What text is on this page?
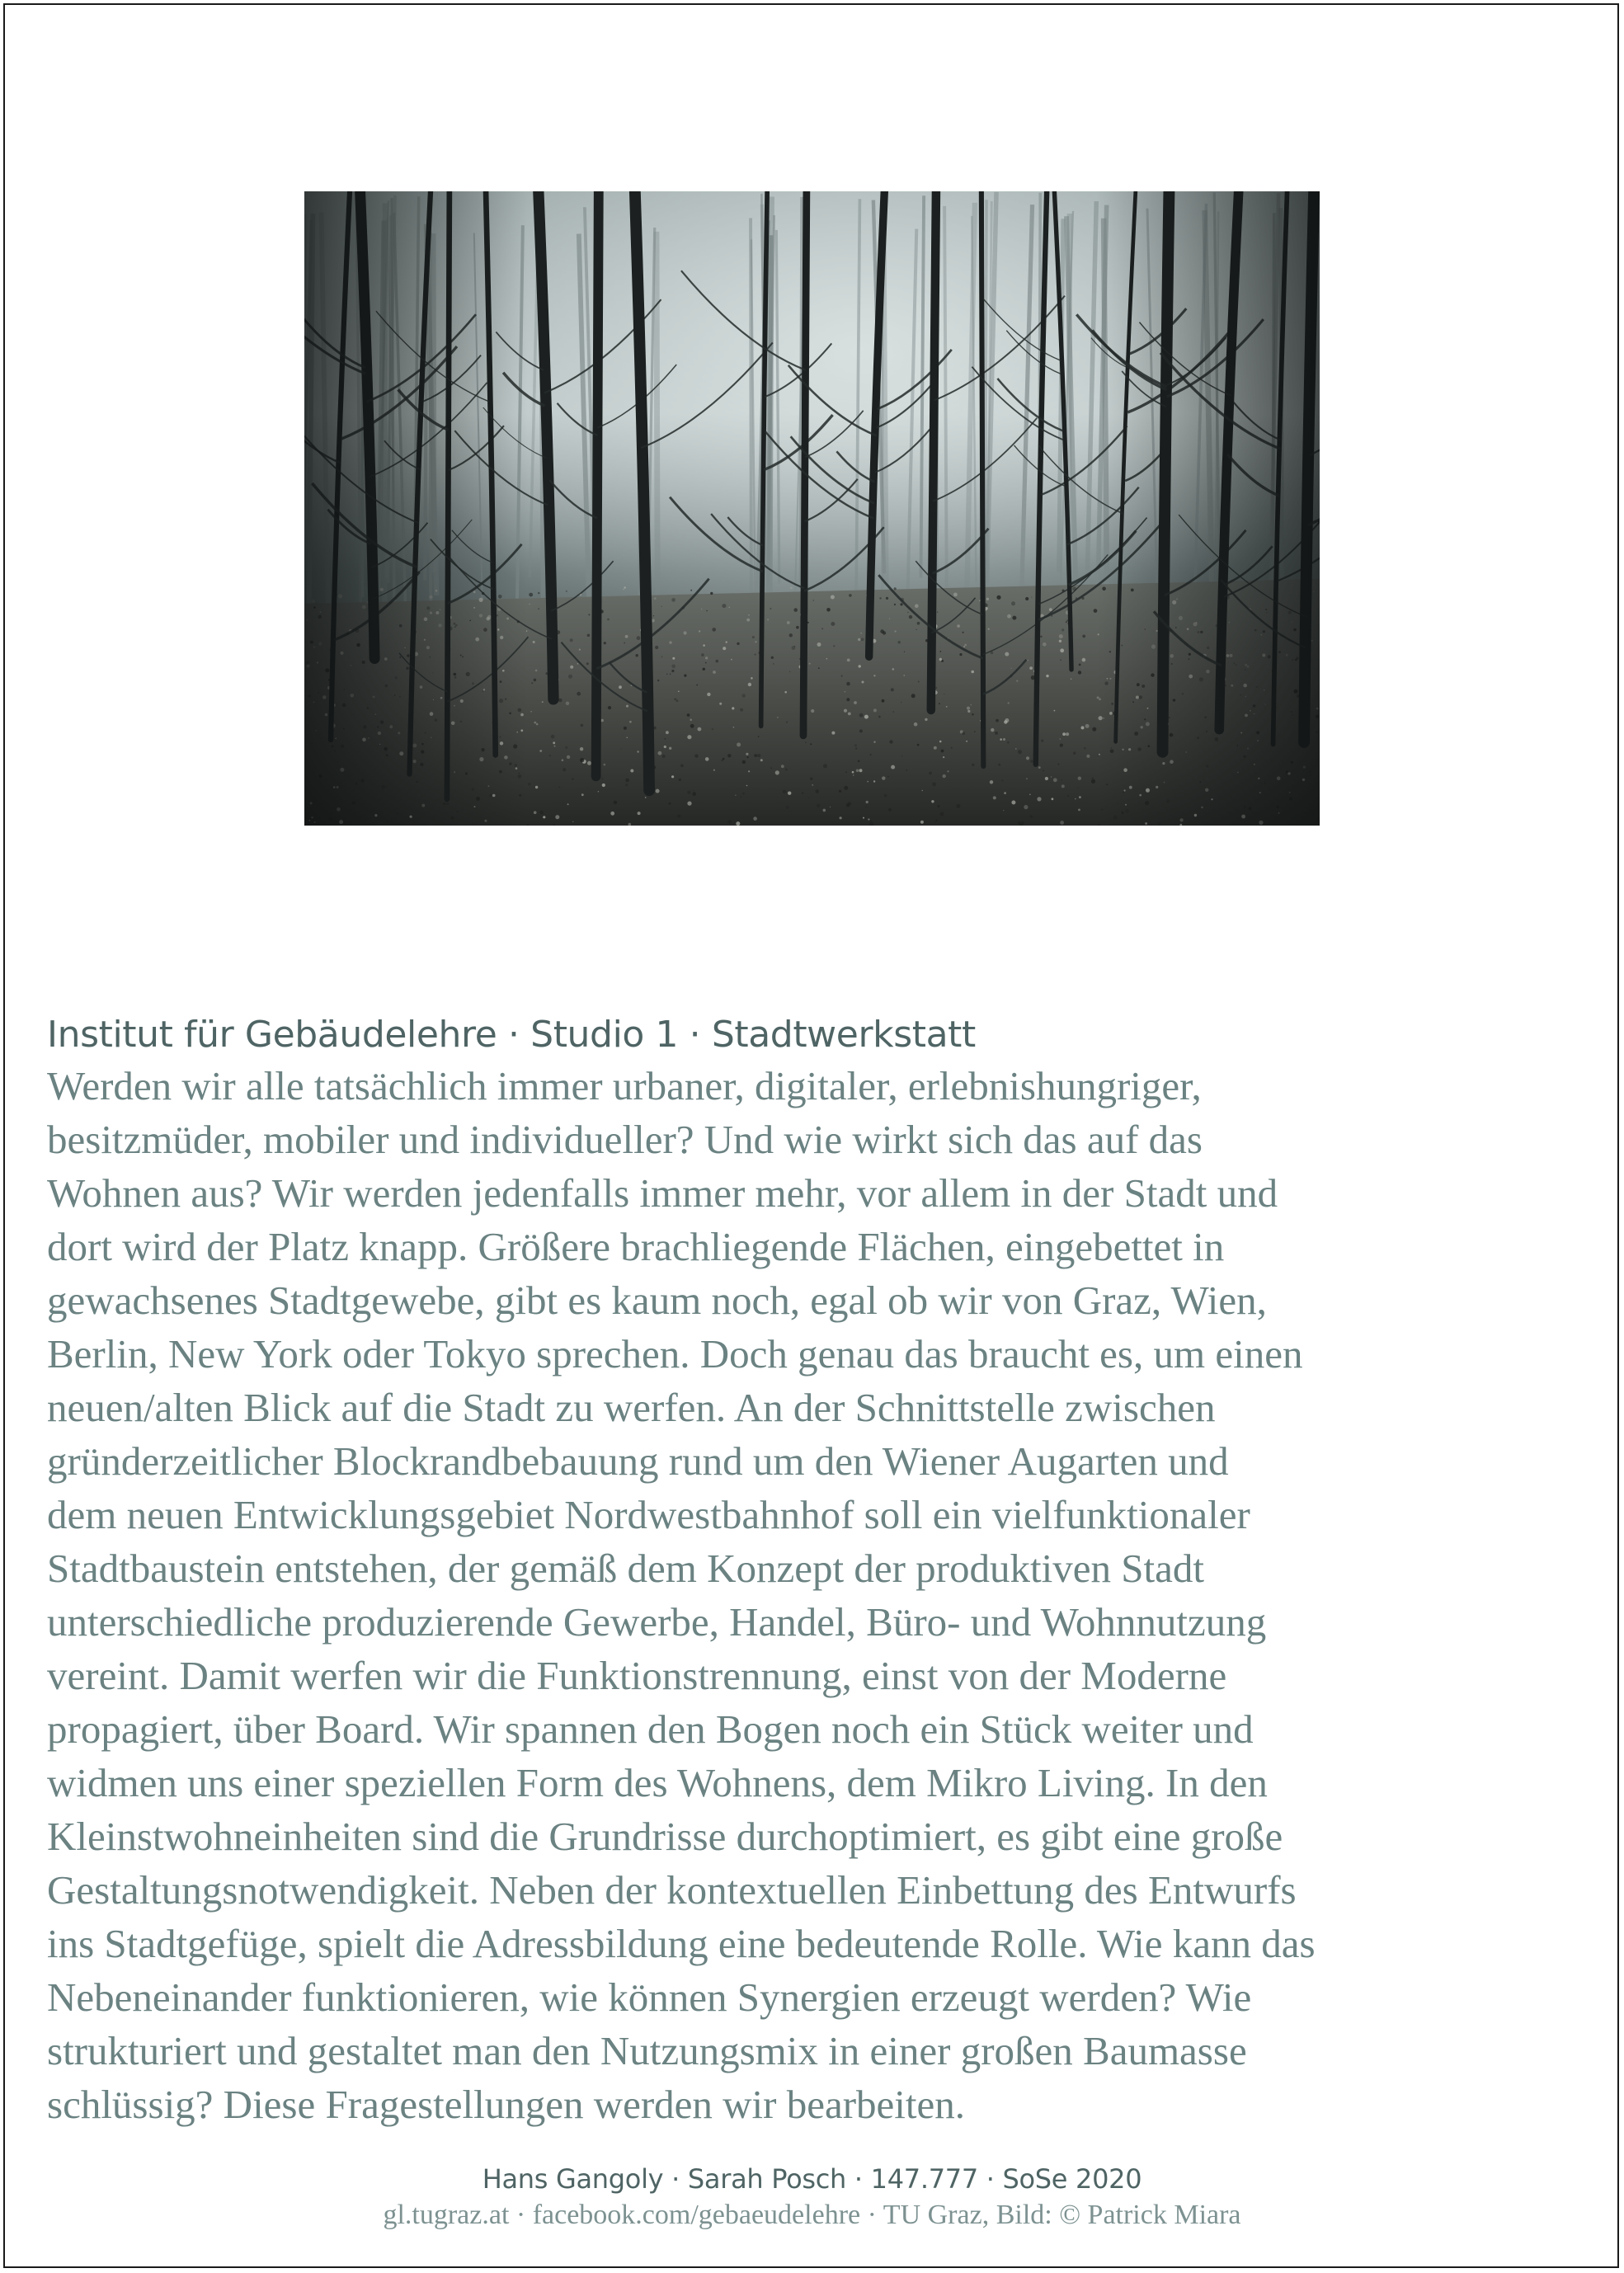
Institut für Gebäudelehre · Studio 1 · Stadtwerkstatt
Werden wir alle tatsächlich immer urbaner, digitaler, erlebnishungriger,
besitzmüder, mobiler und individueller? Und wie wirkt sich das auf das
Wohnen aus? Wir werden jedenfalls immer mehr, vor allem in der Stadt und
dort wird der Platz knapp. Größere brachliegende Flächen, eingebettet in
gewachsenes Stadtgewebe, gibt es kaum noch, egal ob wir von Graz, Wien,
Berlin, New York oder Tokyo sprechen. Doch genau das braucht es, um einen
neuen/alten Blick auf die Stadt zu werfen. An der Schnittstelle zwischen
gründerzeitlicher Blockrandbebauung rund um den Wiener Augarten und
dem neuen Entwicklungsgebiet Nordwestbahnhof soll ein vielfunktionaler
Stadtbaustein entstehen, der gemäß dem Konzept der produktiven Stadt
unterschiedliche produzierende Gewerbe, Handel, Büro- und Wohnnutzung
vereint. Damit werfen wir die Funktionstrennung, einst von der Moderne
propagiert, über Board. Wir spannen den Bogen noch ein Stück weiter und
widmen uns einer speziellen Form des Wohnens, dem Mikro Living. In den
Kleinstwohneinheiten sind die Grundrisse durchoptimiert, es gibt eine große
Gestaltungsnotwendigkeit. Neben der kontextuellen Einbettung des Entwurfs
ins Stadtgefüge, spielt die Adressbildung eine bedeutende Rolle. Wie kann das
Nebeneinander funktionieren, wie können Synergien erzeugt werden? Wie
strukturiert und gestaltet man den Nutzungsmix in einer großen Baumasse
schlüssig? Diese Fragestellungen werden wir bearbeiten.

Hans Gangoly · Sarah Posch · 147.777 · SoSe 2020

gl.tugraz.at · facebook.com/gebaeudelehre · TU Graz, Bild: © Patrick Miara
